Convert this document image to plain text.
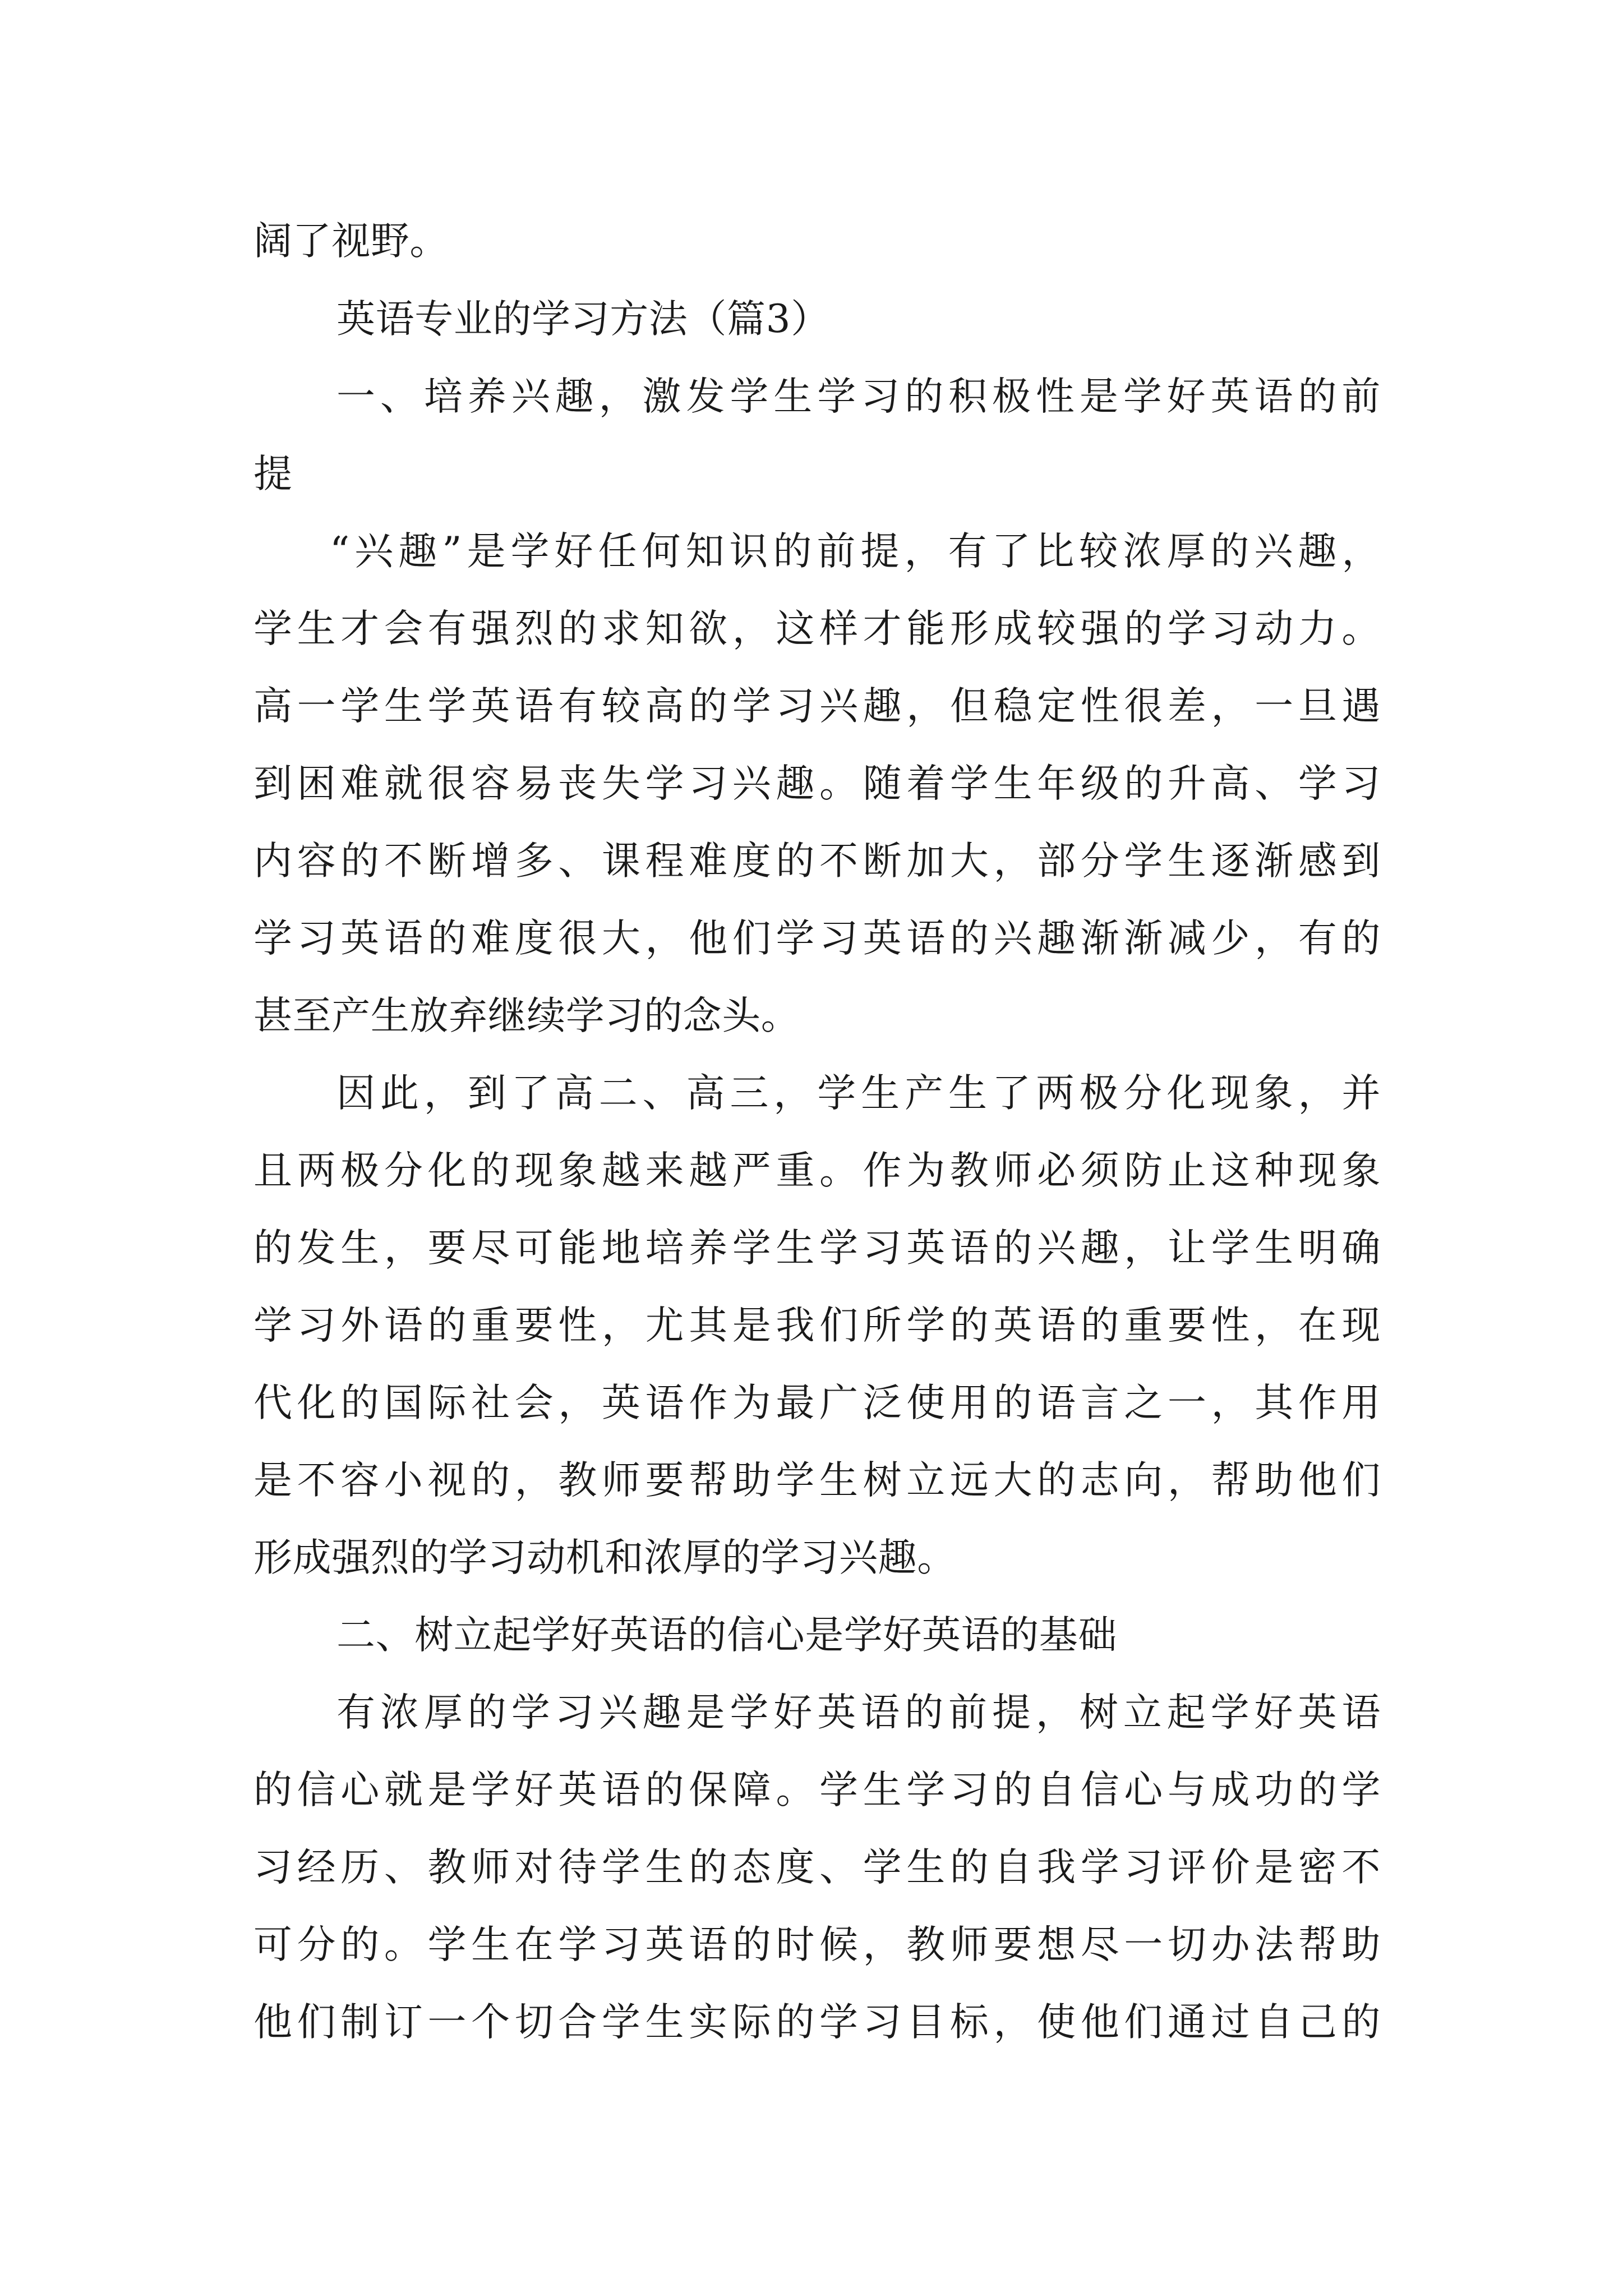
阔了视野。

英语专业的学习方法（篇3）

一、培养兴趣，激发学生学习的积极性是学好英语的前

提

“兴趣”是学好任何知识的前提，有了比较浓厚的兴趣，

学生才会有强烈的求知欲，这样才能形成较强的学习动力。

高一学生学英语有较高的学习兴趣，但稳定性很差，一旦遇

到困难就很容易丧失学习兴趣。随着学生年级的升高、学习

内容的不断增多、课程难度的不断加大，部分学生逐渐感到

学习英语的难度很大，他们学习英语的兴趣渐渐减少，有的

甚至产生放弃继续学习的念头。

因此，到了高二、高三，学生产生了两极分化现象，并

且两极分化的现象越来越严重。作为教师必须防止这种现象

的发生，要尽可能地培养学生学习英语的兴趣，让学生明确

学习外语的重要性，尤其是我们所学的英语的重要性，在现

代化的国际社会，英语作为最广泛使用的语言之一，其作用

是不容小视的，教师要帮助学生树立远大的志向，帮助他们

形成强烈的学习动机和浓厚的学习兴趣。

二、树立起学好英语的信心是学好英语的基础

有浓厚的学习兴趣是学好英语的前提，树立起学好英语

的信心就是学好英语的保障。学生学习的自信心与成功的学

习经历、教师对待学生的态度、学生的自我学习评价是密不

可分的。学生在学习英语的时候，教师要想尽一切办法帮助

他们制订一个切合学生实际的学习目标，使他们通过自己的
